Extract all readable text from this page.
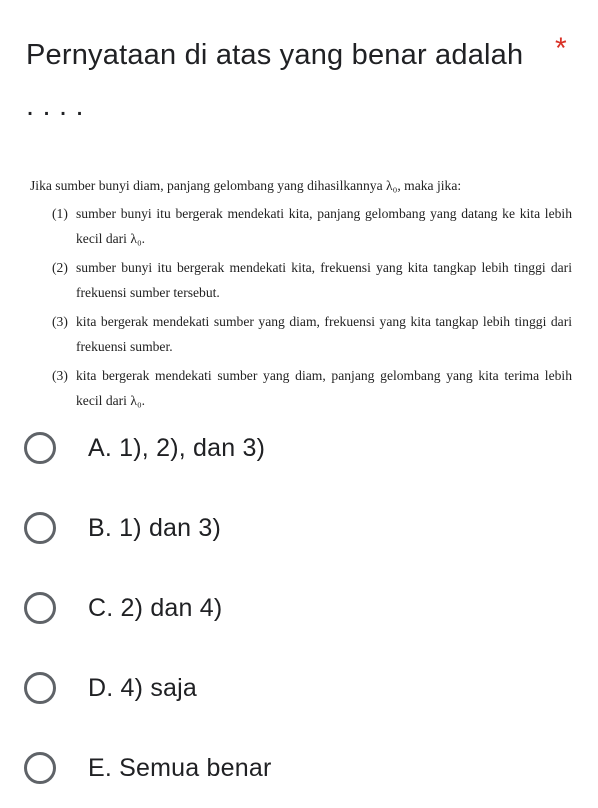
Pernyataan di atas yang benar adalah . . . .
*
Jika sumber bunyi diam, panjang gelombang yang dihasilkannya λ₀, maka jika:
(1) sumber bunyi itu bergerak mendekati kita, panjang gelombang yang datang ke kita lebih kecil dari λ₀.
(2) sumber bunyi itu bergerak mendekati kita, frekuensi yang kita tangkap lebih tinggi dari frekuensi sumber tersebut.
(3) kita bergerak mendekati sumber yang diam, frekuensi yang kita tangkap lebih tinggi dari frekuensi sumber.
(3) kita bergerak mendekati sumber yang diam, panjang gelombang yang kita terima lebih kecil dari λ₀.
A. 1), 2), dan 3)
B. 1) dan 3)
C. 2) dan 4)
D. 4) saja
E. Semua benar
